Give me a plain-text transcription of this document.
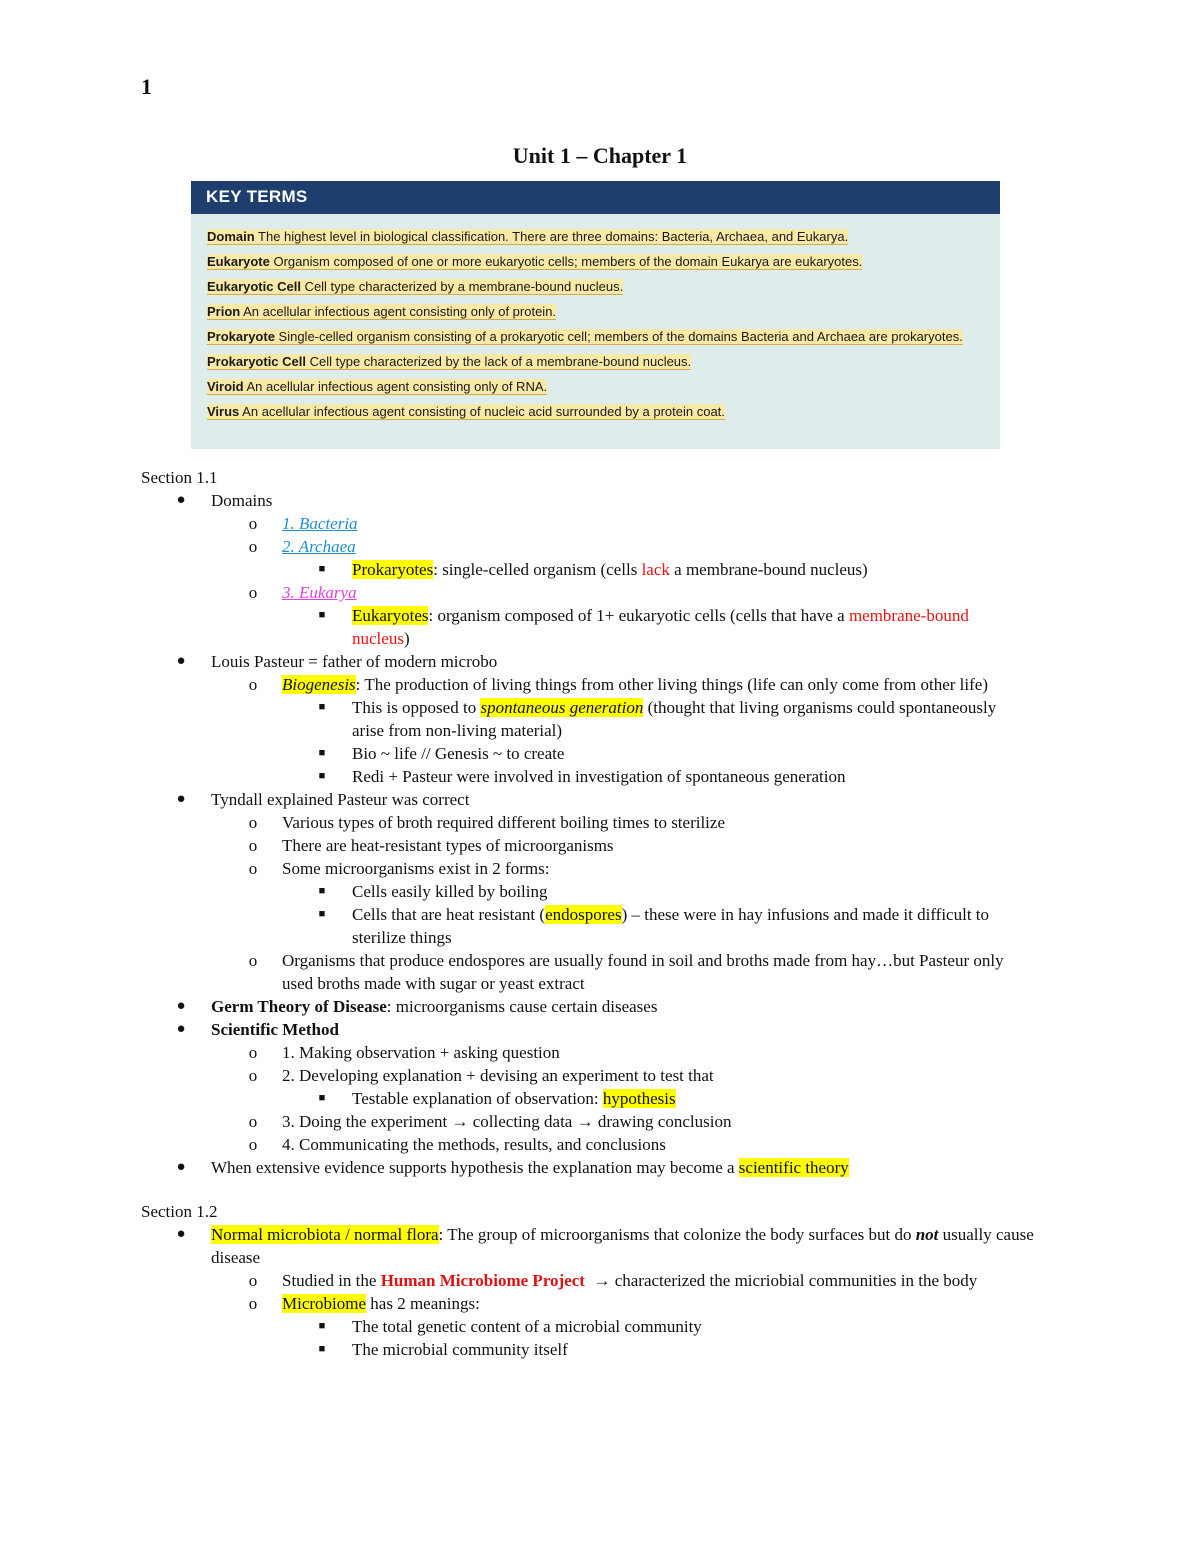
1
Unit 1 – Chapter 1
KEY TERMS
Domain The highest level in biological classification. There are three domains: Bacteria, Archaea, and Eukarya.
Eukaryote Organism composed of one or more eukaryotic cells; members of the domain Eukarya are eukaryotes.
Eukaryotic Cell Cell type characterized by a membrane-bound nucleus.
Prion An acellular infectious agent consisting only of protein.
Prokaryote Single-celled organism consisting of a prokaryotic cell; members of the domains Bacteria and Archaea are prokaryotes.
Prokaryotic Cell Cell type characterized by the lack of a membrane-bound nucleus.
Viroid An acellular infectious agent consisting only of RNA.
Virus An acellular infectious agent consisting of nucleic acid surrounded by a protein coat.
Section 1.1
●	Domains
o	1. Bacteria
o	2. Archaea
■	Prokaryotes: single-celled organism (cells lack a membrane-bound nucleus)
o	3. Eukarya
■	Eukaryotes: organism composed of 1+ eukaryotic cells (cells that have a membrane-bound nucleus)
●	Louis Pasteur = father of modern microbo
o	Biogenesis: The production of living things from other living things (life can only come from other life)
■	This is opposed to spontaneous generation (thought that living organisms could spontaneously arise from non-living material)
■	Bio ~ life // Genesis ~ to create
■	Redi + Pasteur were involved in investigation of spontaneous generation
●	Tyndall explained Pasteur was correct
o	Various types of broth required different boiling times to sterilize
o	There are heat-resistant types of microorganisms
o	Some microorganisms exist in 2 forms:
■	Cells easily killed by boiling
■	Cells that are heat resistant (endospores) – these were in hay infusions and made it difficult to sterilize things
o	Organisms that produce endospores are usually found in soil and broths made from hay…but Pasteur only used broths made with sugar or yeast extract
●	Germ Theory of Disease: microorganisms cause certain diseases
●	Scientific Method
o	1. Making observation + asking question
o	2. Developing explanation + devising an experiment to test that
■	Testable explanation of observation: hypothesis
o	3. Doing the experiment → collecting data → drawing conclusion
o	4. Communicating the methods, results, and conclusions
●	When extensive evidence supports hypothesis the explanation may become a scientific theory
Section 1.2
●	Normal microbiota / normal flora: The group of microorganisms that colonize the body surfaces but do not usually cause disease
o	Studied in the Human Microbiome Project → characterized the micriobial communities in the body
o	Microbiome has 2 meanings:
■	The total genetic content of a microbial community
■	The microbial community itself
